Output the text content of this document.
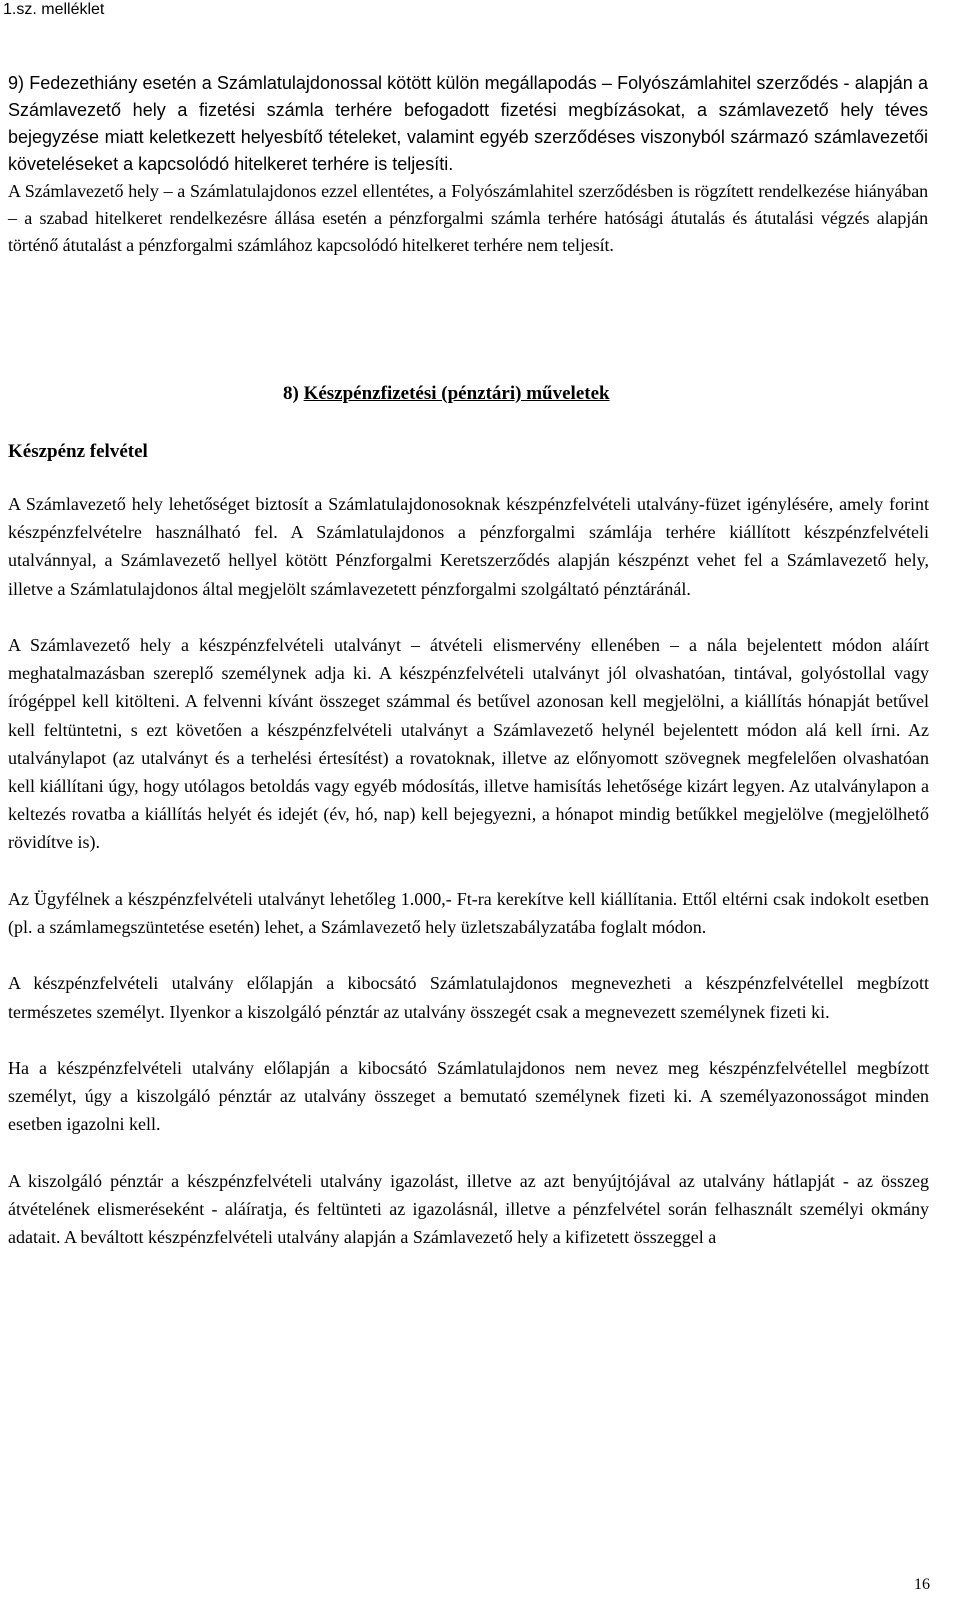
1.sz. melléklet

9) Fedezethiány esetén a Számlatulajdonossal kötött külön megállapodás – Folyószámlahitel szerződés - alapján a Számlavezető hely a fizetési számla terhére befogadott fizetési megbízásokat, a számlavezető hely téves bejegyzése miatt keletkezett helyesbítő tételeket, valamint egyéb szerződéses viszonyból származó számlavezetői követeléseket a kapcsolódó hitelkeret terhére is teljesíti.

A Számlavezető hely – a Számlatulajdonos ezzel ellentétes, a Folyószámlahitel szerződésben is rögzített rendelkezése hiányában – a szabad hitelkeret rendelkezésre állása esetén a pénzforgalmi számla terhére hatósági átutalás és átutalási végzés alapján történő átutalást a pénzforgalmi számlához kapcsolódó hitelkeret terhére nem teljesít.

8) Készpénzfizetési (pénztári) műveletek
Készpénz felvétel

A Számlavezető hely lehetőséget biztosít a Számlatulajdonosoknak készpénzfelvételi utalvány-füzet igénylésére, amely forint készpénzfelvételre használható fel. A Számlatulajdonos a pénzforgalmi számlája terhére kiállított készpénzfelvételi utalvánnyal, a Számlavezető hellyel kötött Pénzforgalmi Keretszerződés alapján készpénzt vehet fel a Számlavezető hely, illetve a Számlatulajdonos által megjelölt számlavezetett pénzforgalmi szolgáltató pénztáránál.

A Számlavezető hely a készpénzfelvételi utalványt – átvételi elismervény ellenében – a nála bejelentett módon aláírt meghatalmazásban szereplő személynek adja ki. A készpénzfelvételi utalványt jól olvashatóan, tintával, golyóstollal vagy írógéppel kell kitölteni. A felvenni kívánt összeget számmal és betűvel azonosan kell megjelölni, a kiállítás hónapját betűvel kell feltüntetni, s ezt követően a készpénzfelvételi utalványt a Számlavezető helynél bejelentett módon alá kell írni. Az utalványlapot (az utalványt és a terhelési értesítést) a rovatoknak, illetve az előnyomott szövegnek megfelelően olvashatóan kell kiállítani úgy, hogy utólagos betoldás vagy egyéb módosítás, illetve hamisítás lehetősége kizárt legyen. Az utalványlapon a keltezés rovatba a kiállítás helyét és idejét (év, hó, nap) kell bejegyezni, a hónapot mindig betűkkel megjelölve (megjelölhető rövidítve is).

Az Ügyfélnek a készpénzfelvételi utalványt lehetőleg 1.000,- Ft-ra kerekítve kell kiállítania. Ettől eltérni csak indokolt esetben (pl. a számlamegszüntetése esetén) lehet, a Számlavezető hely üzletszabályzatába foglalt módon.

A készpénzfelvételi utalvány előlapján a kibocsátó Számlatulajdonos megnevezheti a készpénzfelvétellel megbízott természetes személyt. Ilyenkor a kiszolgáló pénztár az utalvány összegét csak a megnevezett személynek fizeti ki.

Ha a készpénzfelvételi utalvány előlapján a kibocsátó Számlatulajdonos nem nevez meg készpénzfelvétellel megbízott személyt, úgy a kiszolgáló pénztár az utalvány összeget a bemutató személynek fizeti ki. A személyazonosságot minden esetben igazolni kell.

A kiszolgáló pénztár a készpénzfelvételi utalvány igazolást, illetve az azt benyújtójával az utalvány hátlapját - az összeg átvételének elismeréseként - aláíratja, és feltünteti az igazolásnál, illetve a pénzfelvétel során felhasznált személyi okmány adatait. A beváltott készpénzfelvételi utalvány alapján a Számlavezető hely a kifizetett összeggel a

16
